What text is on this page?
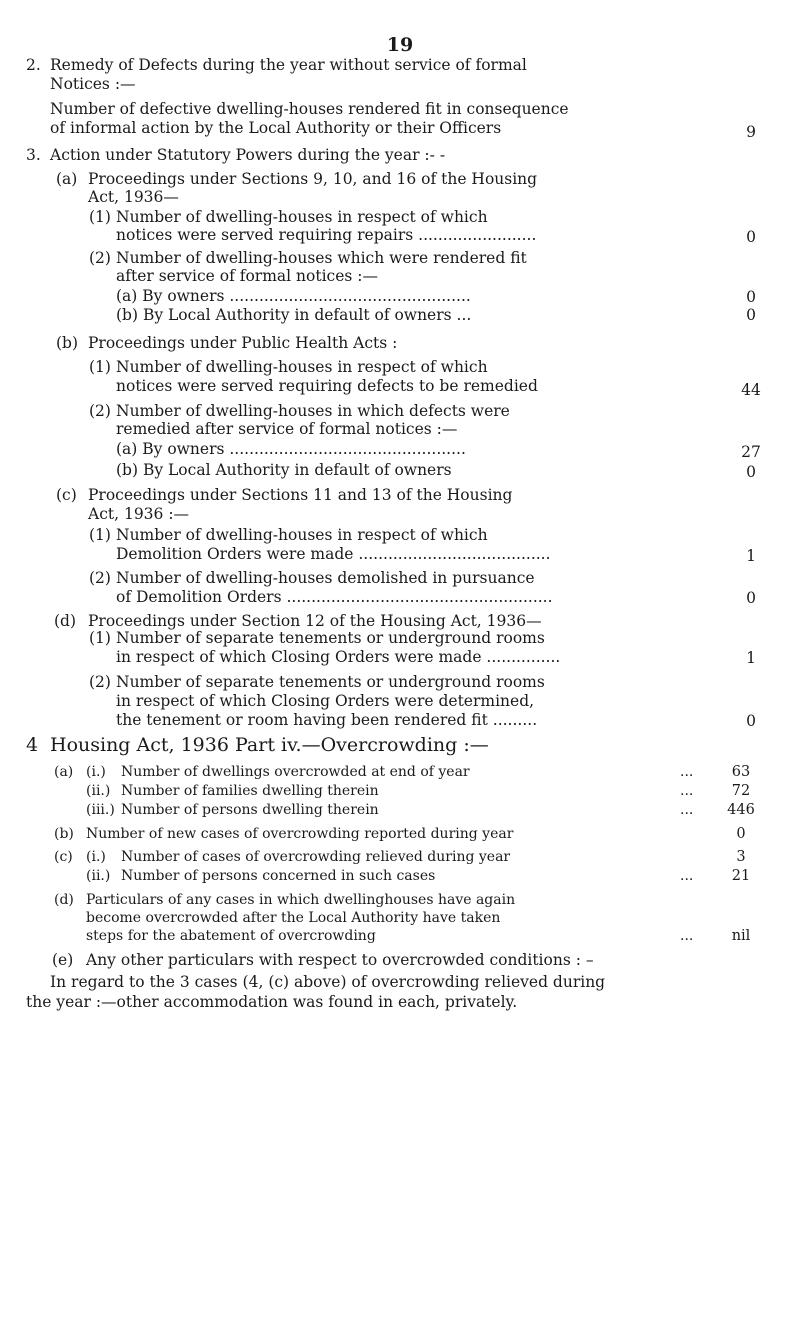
19
2. Remedy of Defects during the year without service of formal
Notices :—
Number of defective dwelling-houses rendered fit in consequence
of informal action by the Local Authority or their Officers	9
3. Action under Statutory Powers during the year :- -
(a) Proceedings under Sections 9, 10, and 16 of the Housing
Act, 1936—
(1) Number of dwelling-houses in respect of which
notices were served requiring repairs ........................	0
(2) Number of dwelling-houses which were rendered fit
after service of formal notices :—
(a) By owners .................................................	0
(b) By Local Authority in default of owners ...	0
(b) Proceedings under Public Health Acts :
(1) Number of dwelling-houses in respect of which
notices were served requiring defects to be remedied	44
(2) Number of dwelling-houses in which defects were
remedied after service of formal notices :—
(a) By owners ................................................	27
(b) By Local Authority in default of owners	0
(c) Proceedings under Sections 11 and 13 of the Housing
Act, 1936 :—
(1) Number of dwelling-houses in respect of which
Demolition Orders were made .......................................	1
(2) Number of dwelling-houses demolished in pursuance
of Demolition Orders ......................................................	0
(d) Proceedings under Section 12 of the Housing Act, 1936—
(1) Number of separate tenements or underground rooms
in respect of which Closing Orders were made ...............	1
(2) Number of separate tenements or underground rooms
in respect of which Closing Orders were determined,
the tenement or room having been rendered fit .........	0
4 Housing Act, 1936 Part iv.—Overcrowding :—
(a) (i.) Number of dwellings overcrowded at end of year	...	63
(ii.) Number of families dwelling therein	...	72
(iii.) Number of persons dwelling therein	...	446
(b) Number of new cases of overcrowding reported during year	0
(c) (i.) Number of cases of overcrowding relieved during year	3
(ii.) Number of persons concerned in such cases	...	21
(d) Particulars of any cases in which dwellinghouses have again
become overcrowded after the Local Authority have taken
steps for the abatement of overcrowding	...	nil
(e) Any other particulars with respect to overcrowded conditions : –
In regard to the 3 cases (4, (c) above) of overcrowding relieved during
the year :—other accommodation was found in each, privately.
